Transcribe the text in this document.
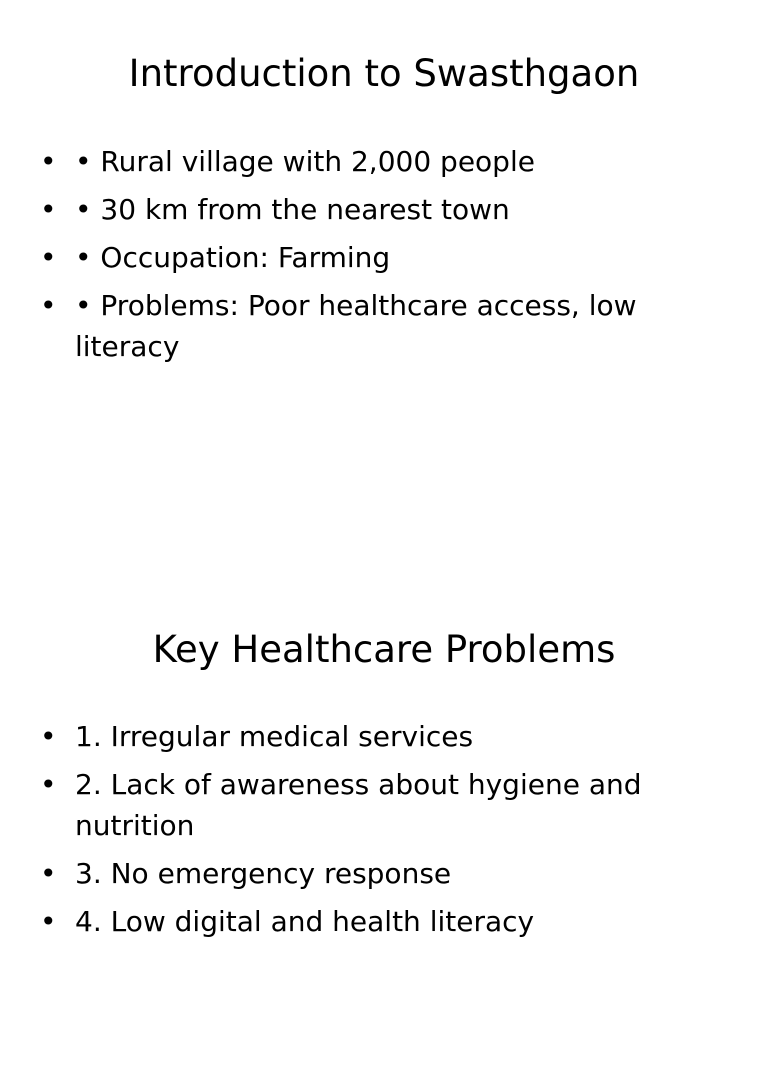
Introduction to Swasthgaon
• • Rural village with 2,000 people
• • 30 km from the nearest town
• • Occupation: Farming
• • Problems: Poor healthcare access, low literacy
Key Healthcare Problems
• 1. Irregular medical services
• 2. Lack of awareness about hygiene and nutrition
• 3. No emergency response
• 4. Low digital and health literacy
